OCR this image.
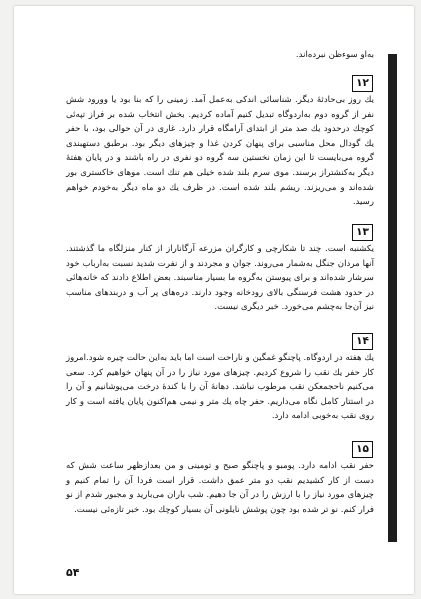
به‌او سوءظن نبرده‌اند.
۱۲
یك روز بی‌حادثهٔ دیگر. شناسائی اندکی به‌عمل آمد. زمینی را که بنا بود یا وورود شش نفر از گروه دوم به‌اردوگاه تبدیل کنیم آماده کردیم. بخش انتخاب شده بر فراز تپه‌ئی کوچك درحدود یك صد متر از ابتدای آرامگاه قرار دارد. غاری در آن حوالی بود، با حفر یك گودال محل مناسبی برای پنهان کردن غذا و چیزهای دیگر بود. برطبق دستهبندی گروه می‌بایست تا این زمان نخستین سه گروه دو نفری در راه باشند و در پایان هفتهٔ دیگر به‌کنشتراز برسند. موی سرم بلند شده خیلی هم تنك است. موهای خاکستری بور شده‌اند و می‌ریزند. ریشم بلند شده است. در ظرف یك دو ماه دیگر به‌خودم خواهم رسید.
۱۳
یکشنبه است. چند تا شکارچی و کارگران مزرعه آرگاناراز از کنار منزلگاه ما گذشتند. آنها مردان جنگل به‌شمار می‌روند. جوان و مجردند و از نفرت شدید نسبت به‌ارباب خود سرشار شده‌اند و برای پیوستن به‌گروه ما بسیار مناسبند. بعض اطلاع دادند که خانه‌هائی در حدود هشت فرسنگی بالای رودخانه وجود دارند. دره‌های پر آب و دربندهای مناسب نیز آن‌جا به‌چشم می‌خورد. خبر دیگری نیست.
۱۴
یك هفته در اردوگاه. پاچنگو غمگین و ناراحت است اما باید به‌این حالت چیره شود.امروز کار حفر یك نقب را شروع کردیم. چیزهای مورد نیاز را در آن پنهان خواهیم کرد. سعی می‌کنیم ناحجمعکن نقب مرطوب نباشد. دهانهٔ آن را با کندهٔ درخت می‌پوشانیم و آن را در استتار کامل نگاه می‌داریم. حفر چاه یك متر و نیمی هم‌اکنون پایان یافته است و کار روی نقب به‌خوبی ادامه دارد.
۱۵
حفر نقب ادامه دارد. پومبو و پاچنگو صبح و تومینی و من بعدازظهر ساعت شش که دست از کار کشیدیم نقب دو متر عمق داشت. قرار است فردا آن را تمام کنیم و چیزهای مورد نیاز را با ارزش را در آن جا دهیم. شب باران می‌بارید و مجبور شدم از نو فرار کنم. نو تر شده بود چون پوشش نایلونی آن بسیار کوچك بود. خبر تازه‌ئی نیست.
۵۴
